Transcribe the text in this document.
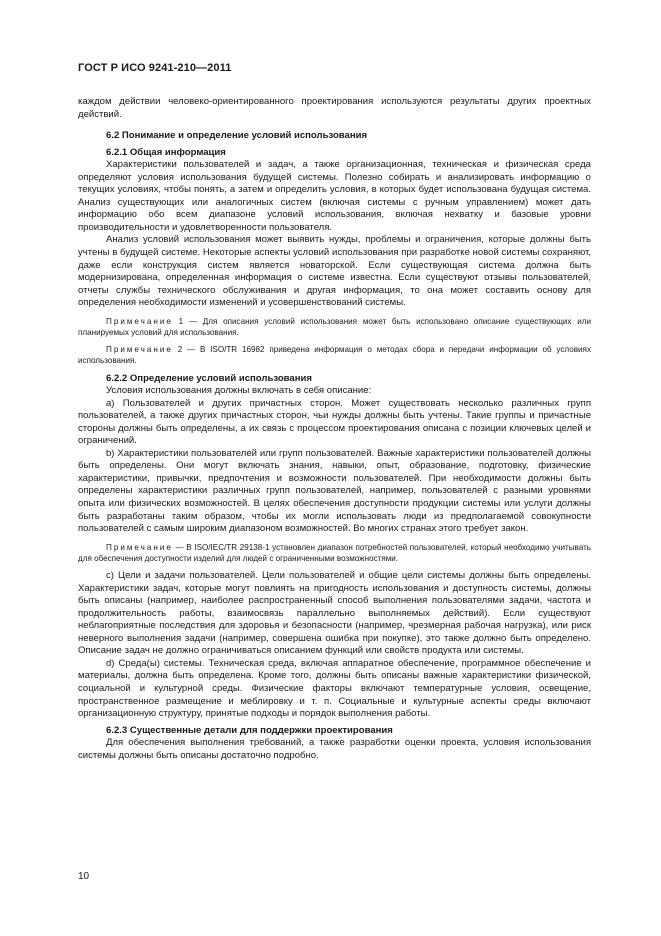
ГОСТ Р ИСО 9241-210—2011

каждом действии человеко-ориентированного проектирования используются результаты других проектных действий.

6.2 Понимание и определение условий использования

6.2.1 Общая информация

Характеристики пользователей и задач, а также организационная, техническая и физическая среда определяют условия использования будущей системы. Полезно собирать и анализировать информацию о текущих условиях, чтобы понять, а затем и определить условия, в которых будет использована будущая система. Анализ существующих или аналогичных систем (включая системы с ручным управлением) может дать информацию обо всем диапазоне условий использования, включая нехватку и базовые уровни производительности и удовлетворенности пользователя.

Анализ условий использования может выявить нужды, проблемы и ограничения, которые должны быть учтены в будущей системе. Некоторые аспекты условий использования при разработке новой системы сохраняют, даже если конструкция систем является новаторской. Если существующая система должна быть модернизирована, определенная информация о системе известна. Если существуют отзывы пользователей, отчеты службы технического обслуживания и другая информация, то она может составить основу для определения необходимости изменений и усовершенствований системы.

Примечание 1 — Для описания условий использования может быть использовано описание существующих или планируемых условий для использования.

Примечание 2 — В ISO/TR 16982 приведена информация о методах сбора и передачи информации об условиях использования.

6.2.2 Определение условий использования

Условия использования должны включать в себя описание:

а) Пользователей и других причастных сторон. Может существовать несколько различных групп пользователей, а также других причастных сторон, чьи нужды должны быть учтены. Такие группы и причастные стороны должны быть определены, а их связь с процессом проектирования описана с позиции ключевых целей и ограничений.

b) Характеристики пользователей или групп пользователей. Важные характеристики пользователей должны быть определены. Они могут включать знания, навыки, опыт, образование, подготовку, физические характеристики, привычки, предпочтения и возможности пользователей. При необходимости должны быть определены характеристики различных групп пользователей, например, пользователей с разными уровнями опыта или физических возможностей. В целях обеспечения доступности продукции системы или услуги должны быть разработаны таким образом, чтобы их могли использовать люди из предполагаемой совокупности пользователей с самым широким диапазоном возможностей. Во многих странах этого требует закон.

Примечание — В ISO/IEC/TR 29138-1 установлен диапазон потребностей пользователей, который необходимо учитывать для обеспечения доступности изделий для людей с ограниченными возможностями.

с) Цели и задачи пользователей. Цели пользователей и общие цели системы должны быть определены. Характеристики задач, которые могут повлиять на пригодность использования и доступность системы, должны быть описаны (например, наиболее распространенный способ выполнения пользователями задачи, частота и продолжительность работы, взаимосвязь параллельно выполняемых действий). Если существуют неблагоприятные последствия для здоровья и безопасности (например, чрезмерная рабочая нагрузка), или риск неверного выполнения задачи (например, совершена ошибка при покупке), это также должно быть определено. Описание задач не должно ограничиваться описанием функций или свойств продукта или системы.

d) Среда(ы) системы. Техническая среда, включая аппаратное обеспечение, программное обеспечение и материалы, должна быть определена. Кроме того, должны быть описаны важные характеристики физической, социальной и культурной среды. Физические факторы включают температурные условия, освещение, пространственное размещение и меблировку и т. п. Социальные и культурные аспекты среды включают организационную структуру, принятые подходы и порядок выполнения работы.

6.2.3 Существенные детали для поддержки проектирования

Для обеспечения выполнения требований, а также разработки оценки проекта, условия использования системы должны быть описаны достаточно подробно.

10
